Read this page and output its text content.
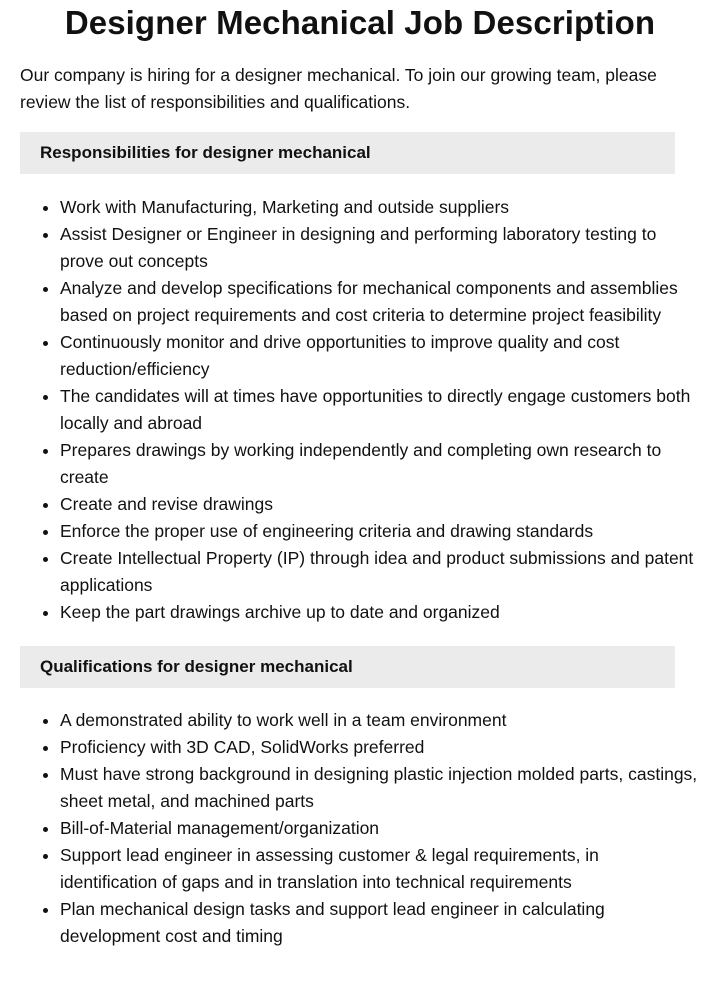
Designer Mechanical Job Description

Our company is hiring for a designer mechanical. To join our growing team, please review the list of responsibilities and qualifications.

Responsibilities for designer mechanical
Work with Manufacturing, Marketing and outside suppliers
Assist Designer or Engineer in designing and performing laboratory testing to prove out concepts
Analyze and develop specifications for mechanical components and assemblies based on project requirements and cost criteria to determine project feasibility
Continuously monitor and drive opportunities to improve quality and cost reduction/efficiency
The candidates will at times have opportunities to directly engage customers both locally and abroad
Prepares drawings by working independently and completing own research to create
Create and revise drawings
Enforce the proper use of engineering criteria and drawing standards
Create Intellectual Property (IP) through idea and product submissions and patent applications
Keep the part drawings archive up to date and organized
Qualifications for designer mechanical
A demonstrated ability to work well in a team environment
Proficiency with 3D CAD, SolidWorks preferred
Must have strong background in designing plastic injection molded parts, castings, sheet metal, and machined parts
Bill-of-Material management/organization
Support lead engineer in assessing customer & legal requirements, in identification of gaps and in translation into technical requirements
Plan mechanical design tasks and support lead engineer in calculating development cost and timing
